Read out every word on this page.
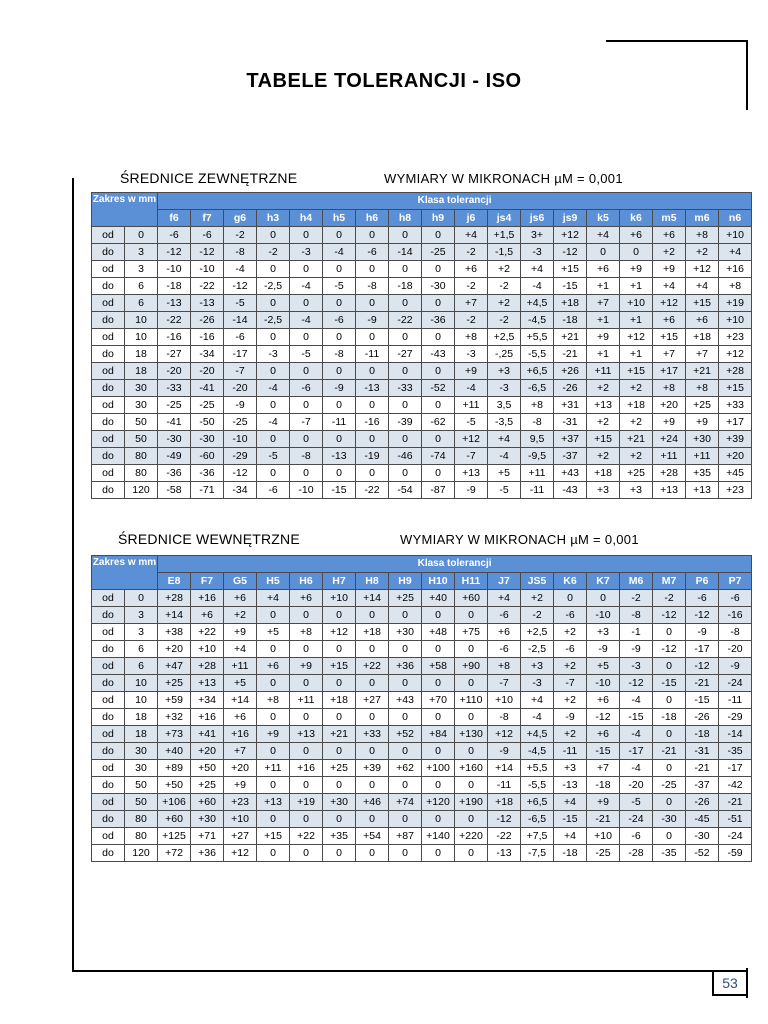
53
TABELE TOLERANCJI - ISO
ŚREDNICE ZEWNĘTRZNE	WYMIARY W MIKRONACH µM = 0,001
Zakres w mm		Klasa tolerancji																	
		f6	f7	g6	h3	h4	h5	h6	h8	h9	j6	js4	js6	js9	k5	k6	m5	m6	n6
od	0	-6	-6	-2	0	0	0	0	0	0	+4	+1,5	3+	+12	+4	+6	+6	+8	+10
do	3	-12	-12	-8	-2	-3	-4	-6	-14	-25	-2	-1,5	-3	-12	0	0	+2	+2	+4
od	3	-10	-10	-4	0	0	0	0	0	0	+6	+2	+4	+15	+6	+9	+9	+12	+16
do	6	-18	-22	-12	-2,5	-4	-5	-8	-18	-30	-2	-2	-4	-15	+1	+1	+4	+4	+8
od	6	-13	-13	-5	0	0	0	0	0	0	+7	+2	+4,5	+18	+7	+10	+12	+15	+19
do	10	-22	-26	-14	-2,5	-4	-6	-9	-22	-36	-2	-2	-4,5	-18	+1	+1	+6	+6	+10
od	10	-16	-16	-6	0	0	0	0	0	0	+8	+2,5	+5,5	+21	+9	+12	+15	+18	+23
do	18	-27	-34	-17	-3	-5	-8	-11	-27	-43	-3	-,25	-5,5	-21	+1	+1	+7	+7	+12
od	18	-20	-20	-7	0	0	0	0	0	0	+9	+3	+6,5	+26	+11	+15	+17	+21	+28
do	30	-33	-41	-20	-4	-6	-9	-13	-33	-52	-4	-3	-6,5	-26	+2	+2	+8	+8	+15
od	30	-25	-25	-9	0	0	0	0	0	0	+11	3,5	+8	+31	+13	+18	+20	+25	+33
do	50	-41	-50	-25	-4	-7	-11	-16	-39	-62	-5	-3,5	-8	-31	+2	+2	+9	+9	+17
od	50	-30	-30	-10	0	0	0	0	0	0	+12	+4	9,5	+37	+15	+21	+24	+30	+39
do	80	-49	-60	-29	-5	-8	-13	-19	-46	-74	-7	-4	-9,5	-37	+2	+2	+11	+11	+20
od	80	-36	-36	-12	0	0	0	0	0	0	+13	+5	+11	+43	+18	+25	+28	+35	+45
do	120	-58	-71	-34	-6	-10	-15	-22	-54	-87	-9	-5	-11	-43	+3	+3	+13	+13	+23
ŚREDNICE WEWNĘTRZNE	WYMIARY W MIKRONACH µM = 0,001
Zakres w mm		Klasa tolerancji																	
		E8	F7	G5	H5	H6	H7	H8	H9	H10	H11	J7	JS5	K6	K7	M6	M7	P6	P7
od	0	+28	+16	+6	+4	+6	+10	+14	+25	+40	+60	+4	+2	0	0	-2	-2	-6	-6
do	3	+14	+6	+2	0	0	0	0	0	0	0	-6	-2	-6	-10	-8	-12	-12	-16
od	3	+38	+22	+9	+5	+8	+12	+18	+30	+48	+75	+6	+2,5	+2	+3	-1	0	-9	-8
do	6	+20	+10	+4	0	0	0	0	0	0	0	-6	-2,5	-6	-9	-9	-12	-17	-20
od	6	+47	+28	+11	+6	+9	+15	+22	+36	+58	+90	+8	+3	+2	+5	-3	0	-12	-9
do	10	+25	+13	+5	0	0	0	0	0	0	0	-7	-3	-7	-10	-12	-15	-21	-24
od	10	+59	+34	+14	+8	+11	+18	+27	+43	+70	+110	+10	+4	+2	+6	-4	0	-15	-11
do	18	+32	+16	+6	0	0	0	0	0	0	0	-8	-4	-9	-12	-15	-18	-26	-29
od	18	+73	+41	+16	+9	+13	+21	+33	+52	+84	+130	+12	+4,5	+2	+6	-4	0	-18	-14
do	30	+40	+20	+7	0	0	0	0	0	0	0	-9	-4,5	-11	-15	-17	-21	-31	-35
od	30	+89	+50	+20	+11	+16	+25	+39	+62	+100	+160	+14	+5,5	+3	+7	-4	0	-21	-17
do	50	+50	+25	+9	0	0	0	0	0	0	0	-11	-5,5	-13	-18	-20	-25	-37	-42
od	50	+106	+60	+23	+13	+19	+30	+46	+74	+120	+190	+18	+6,5	+4	+9	-5	0	-26	-21
do	80	+60	+30	+10	0	0	0	0	0	0	0	-12	-6,5	-15	-21	-24	-30	-45	-51
od	80	+125	+71	+27	+15	+22	+35	+54	+87	+140	+220	-22	+7,5	+4	+10	-6	0	-30	-24
do	120	+72	+36	+12	0	0	0	0	0	0	0	-13	-7,5	-18	-25	-28	-35	-52	-59
